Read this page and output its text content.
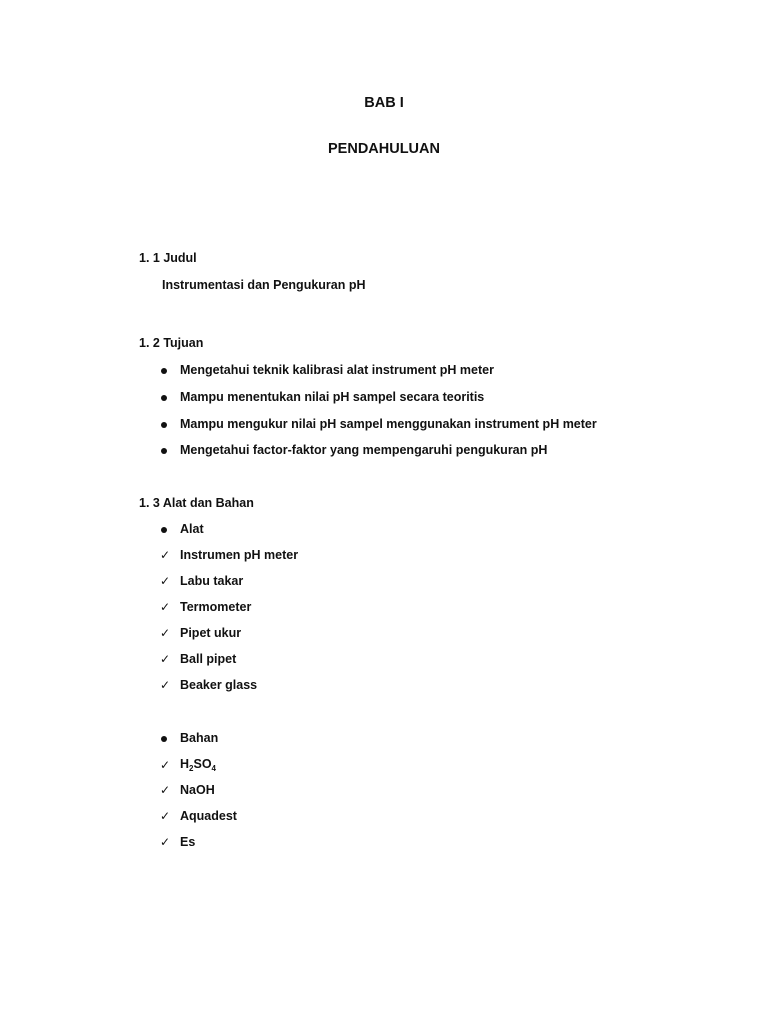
BAB I
PENDAHULUAN
1. 1 Judul
Instrumentasi dan Pengukuran pH
1. 2 Tujuan
Mengetahui teknik kalibrasi alat instrument pH meter
Mampu menentukan nilai pH sampel secara teoritis
Mampu mengukur nilai pH sampel menggunakan instrument pH meter
Mengetahui factor-faktor yang mempengaruhi pengukuran pH
1. 3 Alat dan Bahan
Alat
✓ Instrumen pH meter
✓ Labu takar
✓ Termometer
✓ Pipet ukur
✓ Ball pipet
✓ Beaker glass
Bahan
✓ $H_2SO_4$
✓ NaOH
✓ Aquadest
✓ Es
